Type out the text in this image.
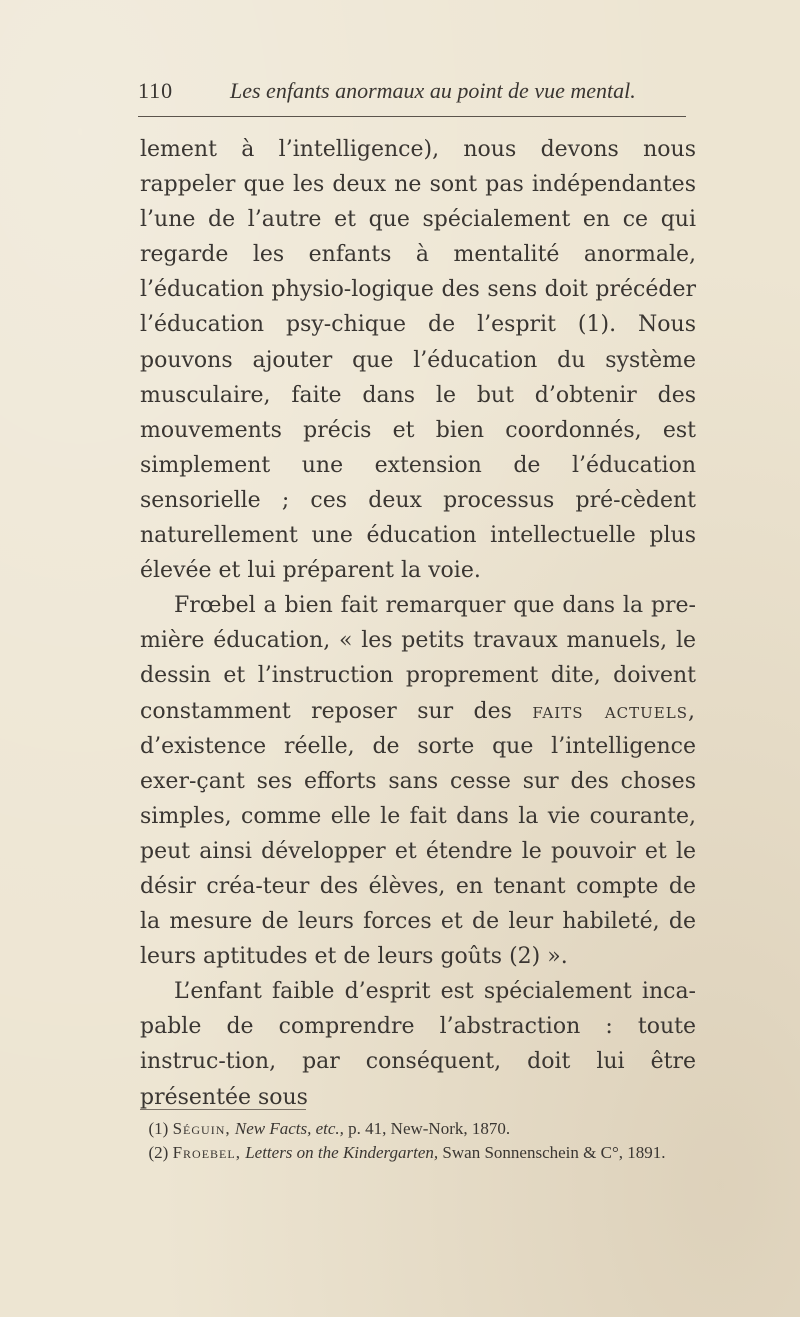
110	Les enfants anormaux au point de vue mental.

lement à l’intelligence), nous devons nous rappeler que les deux ne sont pas indépendantes l’une de l’autre et que spécialement en ce qui regarde les enfants à mentalité anormale, l’éducation physio-logique des sens doit précéder l’éducation psy-chique de l’esprit (1). Nous pouvons ajouter que l’éducation du système musculaire, faite dans le but d’obtenir des mouvements précis et bien coordonnés, est simplement une extension de l’éducation sensorielle ; ces deux processus pré-cèdent naturellement une éducation intellectuelle plus élevée et lui préparent la voie.

Frœbel a bien fait remarquer que dans la pre-mière éducation, « les petits travaux manuels, le dessin et l’instruction proprement dite, doivent constamment reposer sur des faits actuels, d’existence réelle, de sorte que l’intelligence exer-çant ses efforts sans cesse sur des choses simples, comme elle le fait dans la vie courante, peut ainsi développer et étendre le pouvoir et le désir créa-teur des élèves, en tenant compte de la mesure de leurs forces et de leur habileté, de leurs aptitudes et de leurs goûts (2) ».

L’enfant faible d’esprit est spécialement inca-pable de comprendre l’abstraction : toute instruc-tion, par conséquent, doit lui être présentée sous

(1) Séguin, New Facts, etc., p. 41, New-Nork, 1870.

(2) Froebel, Letters on the Kindergarten, Swan Sonnenschein & C°, 1891.
